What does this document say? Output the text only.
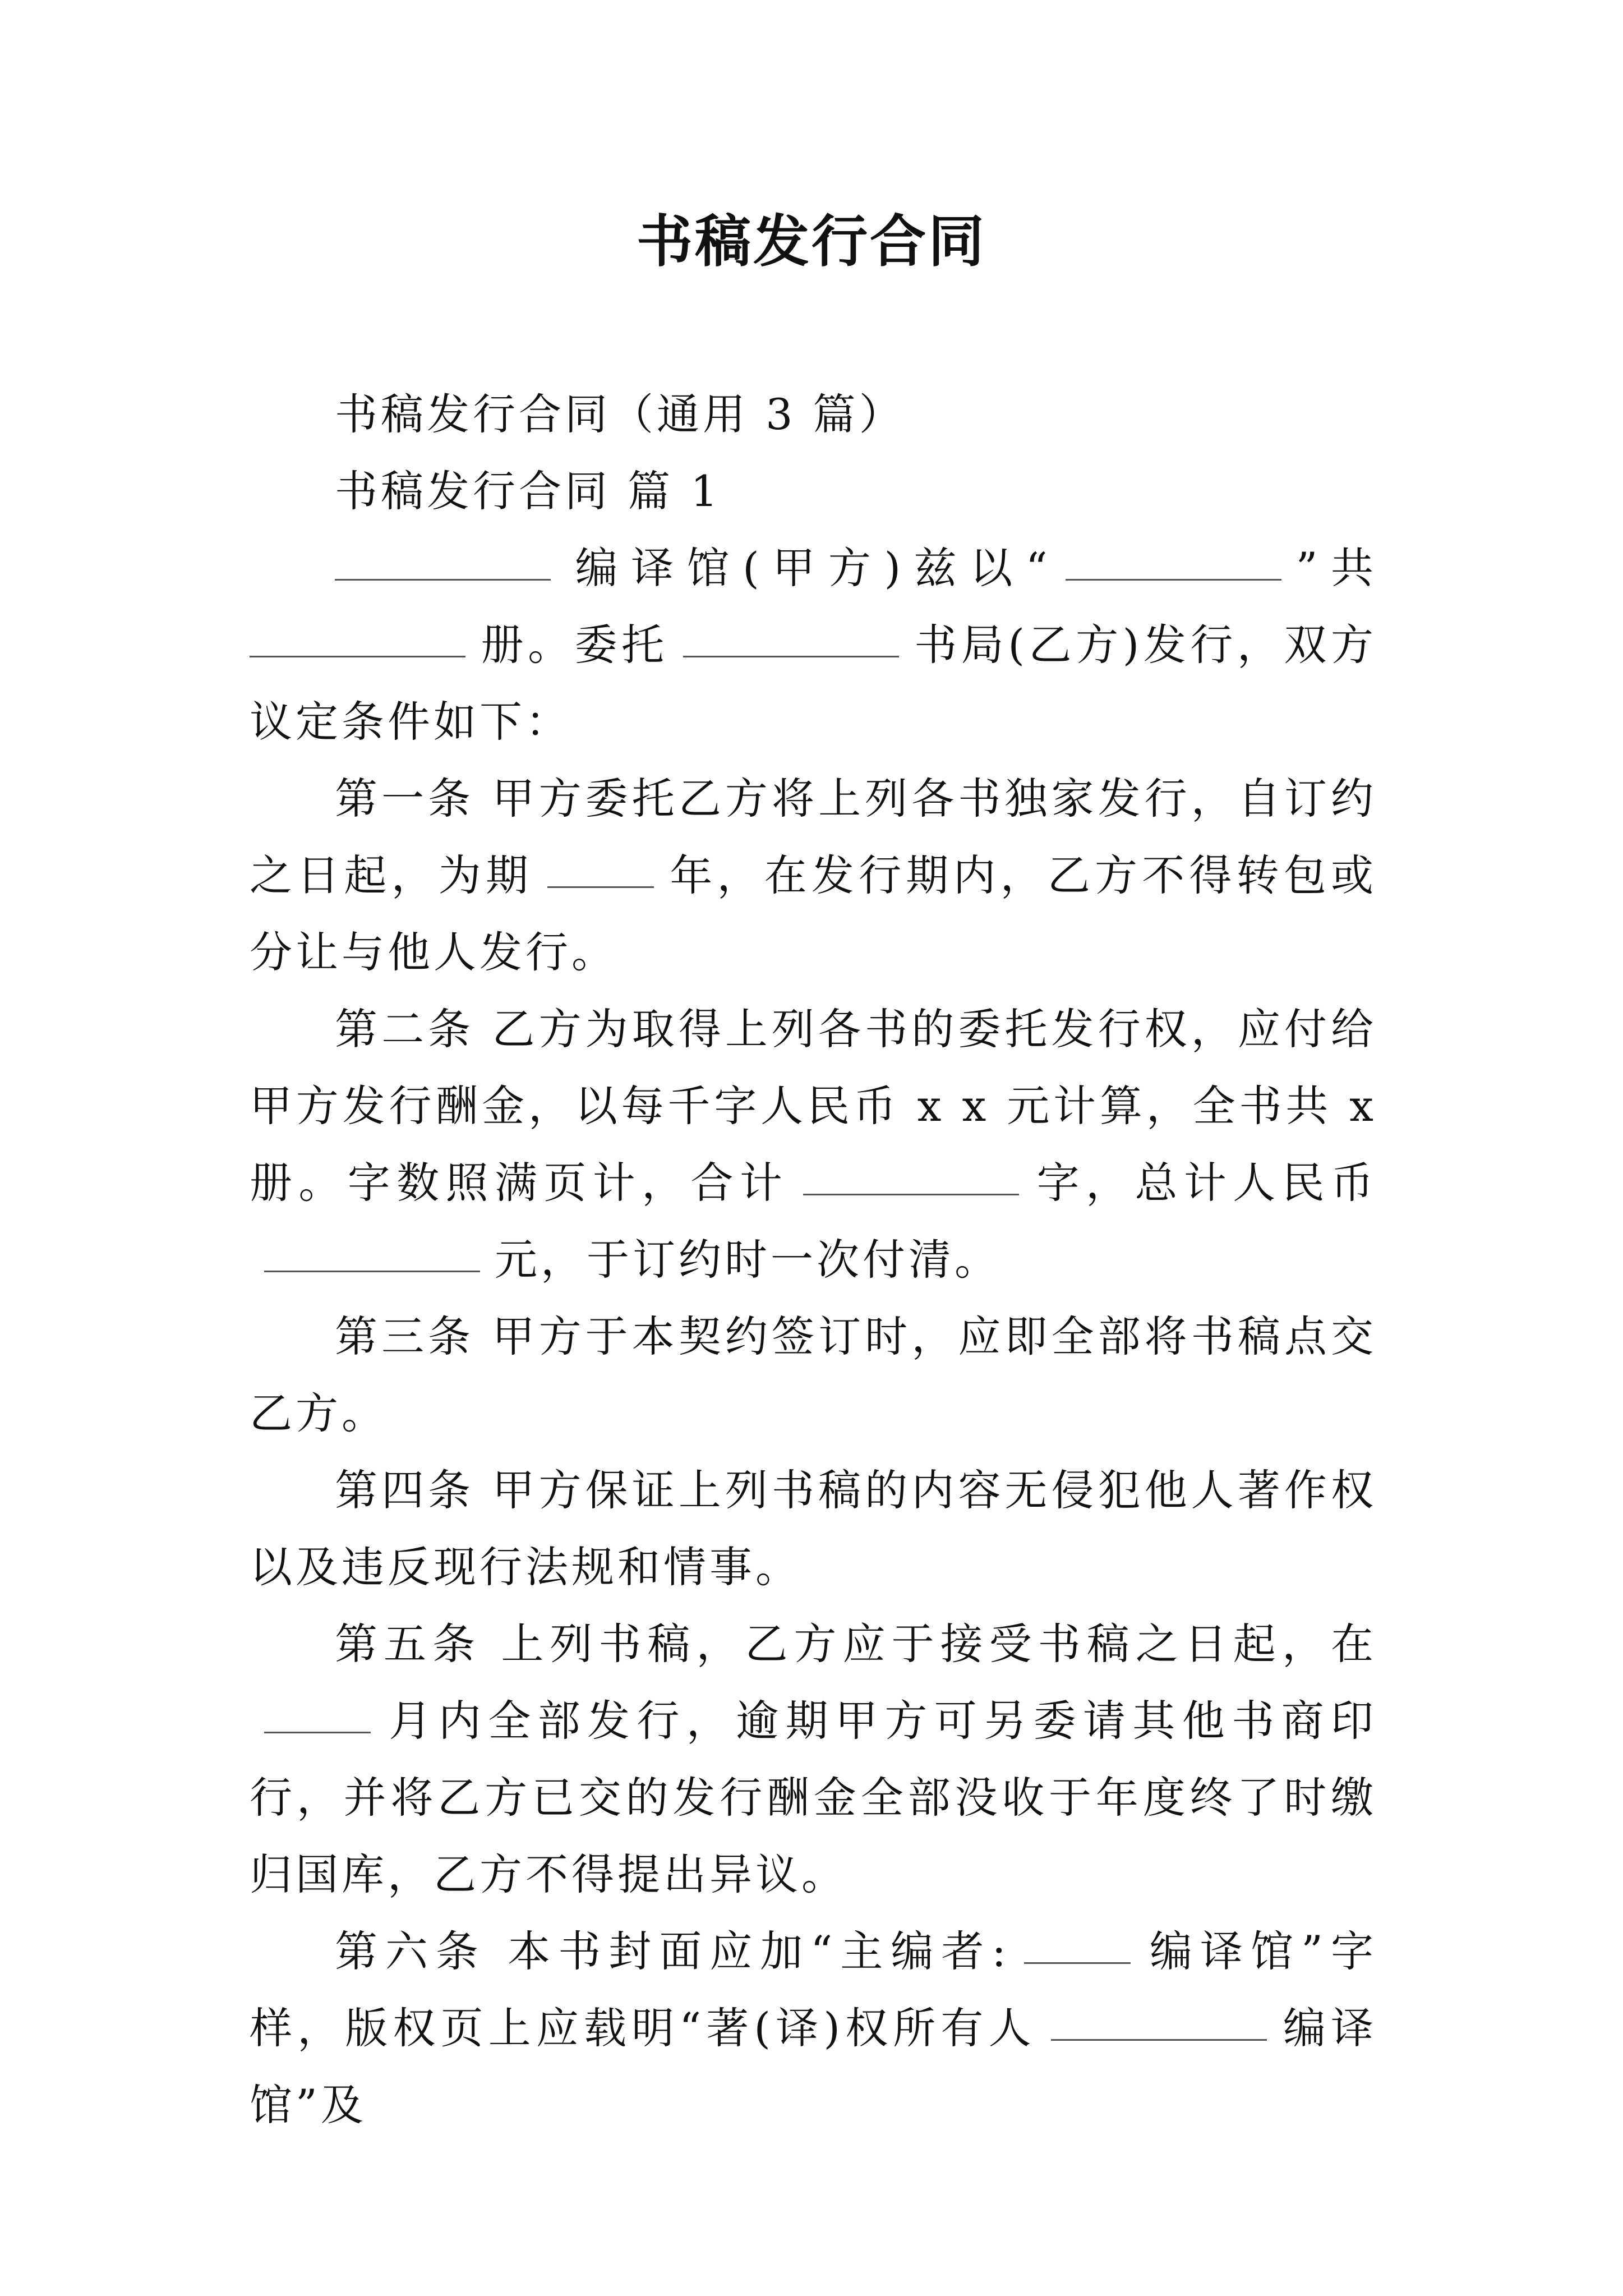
书稿发行合同

书稿发行合同（通用 3 篇）

书稿发行合同 篇 1

编译馆(甲方)兹以“	”共册。委托	书局(乙方)发行，双方议定条件如下：

第一条 甲方委托乙方将上列各书独家发行，自订约之日起，为期	年，在发行期内，乙方不得转包或分让与他人发行。

第二条 乙方为取得上列各书的委托发行权，应付给甲方发行酬金，以每千字人民币 x x 元计算，全书共 x 册。字数照满页计，合计	字，总计人民币元，于订约时一次付清。

第三条 甲方于本契约签订时，应即全部将书稿点交乙方。

第四条 甲方保证上列书稿的内容无侵犯他人著作权以及违反现行法规和情事。

第五条 上列书稿，乙方应于接受书稿之日起，在月内全部发行，逾期甲方可另委请其他书商印行，并将乙方已交的发行酬金全部没收于年度终了时缴归国库，乙方不得提出异议。

第六条 本书封面应加“主编者:	编译馆”字样，版权页上应载明“著(译)权所有人	编译馆”及
